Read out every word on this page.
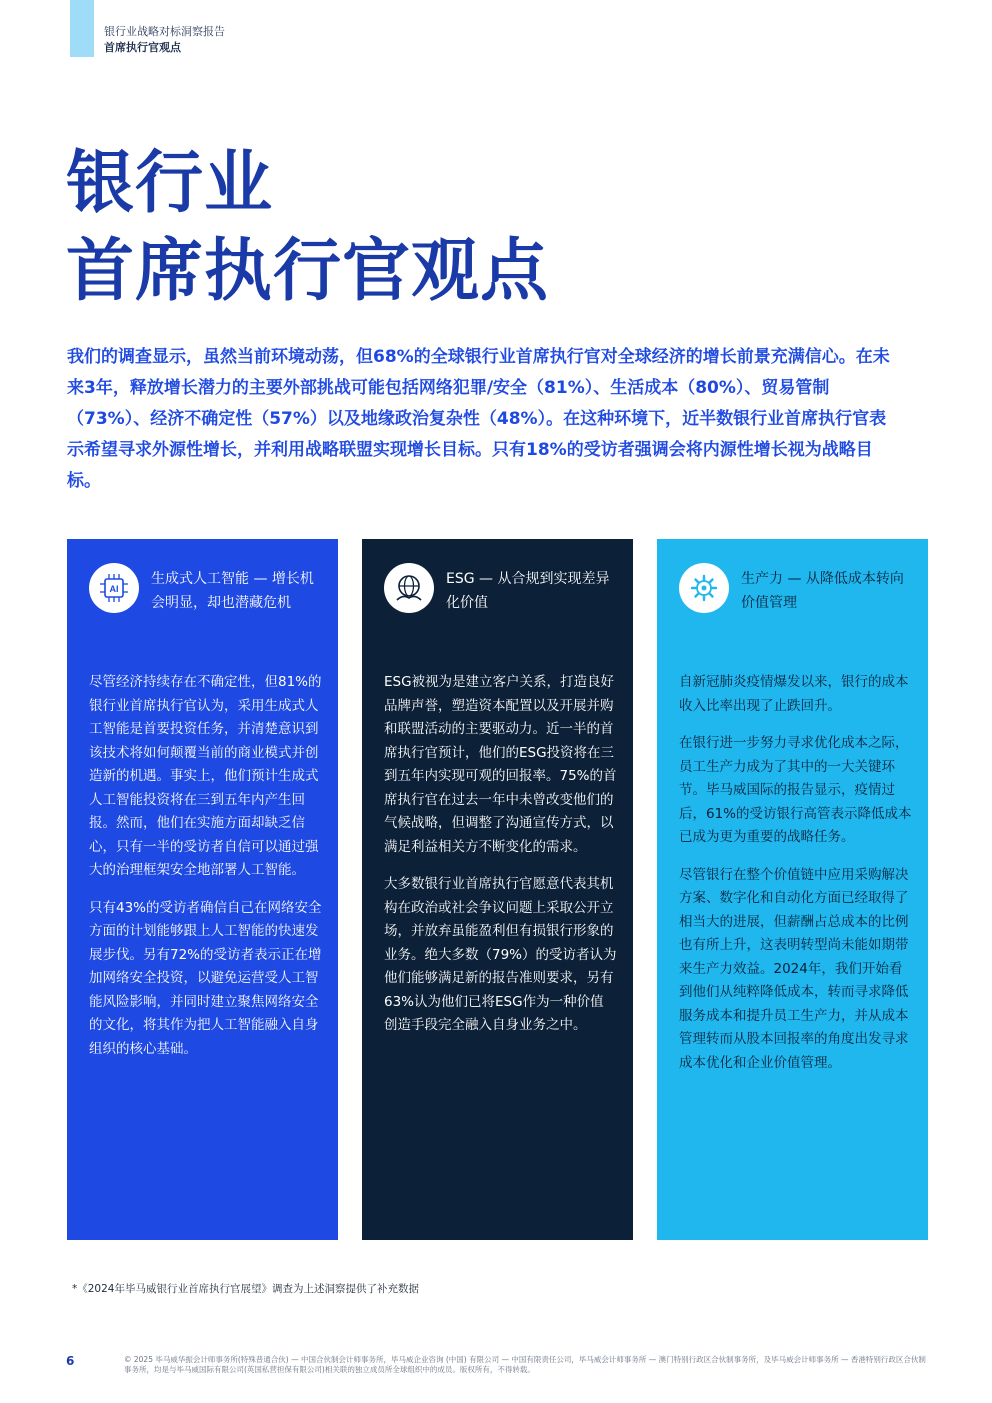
银行业战略对标洞察报告
首席执行官观点
银行业
首席执行官观点

我们的调查显示，虽然当前环境动荡，但68%的全球银行业首席执行官对全球经济的增长前景充满信心。在未来3年，释放增长潜力的主要外部挑战可能包括网络犯罪/安全（81%）、生活成本（80%）、贸易管制（73%）、经济不确定性（57%）以及地缘政治复杂性（48%）。在这种环境下，近半数银行业首席执行官表示希望寻求外源性增长，并利用战略联盟实现增长目标。只有18%的受访者强调会将内源性增长视为战略目标。

AI
生成式人工智能 — 增长机会明显，却也潜藏危机

尽管经济持续存在不确定性，但81%的银行业首席执行官认为，采用生成式人工智能是首要投资任务，并清楚意识到该技术将如何颠覆当前的商业模式并创造新的机遇。事实上，他们预计生成式人工智能投资将在三到五年内产生回报。然而，他们在实施方面却缺乏信心，只有一半的受访者自信可以通过强大的治理框架安全地部署人工智能。

只有43%的受访者确信自己在网络安全方面的计划能够跟上人工智能的快速发展步伐。另有72%的受访者表示正在增加网络安全投资，以避免运营受人工智能风险影响，并同时建立聚焦网络安全的文化，将其作为把人工智能融入自身组织的核心基础。

ESG — 从合规到实现差异化价值

ESG被视为是建立客户关系，打造良好品牌声誉，塑造资本配置以及开展并购和联盟活动的主要驱动力。近一半的首席执行官预计，他们的ESG投资将在三到五年内实现可观的回报率。75%的首席执行官在过去一年中未曾改变他们的气候战略，但调整了沟通宣传方式，以满足利益相关方不断变化的需求。

大多数银行业首席执行官愿意代表其机构在政治或社会争议问题上采取公开立场，并放弃虽能盈利但有损银行形象的业务。绝大多数（79%）的受访者认为他们能够满足新的报告准则要求，另有63%认为他们已将ESG作为一种价值创造手段完全融入自身业务之中。

生产力 — 从降低成本转向价值管理

自新冠肺炎疫情爆发以来，银行的成本收入比率出现了止跌回升。

在银行进一步努力寻求优化成本之际，员工生产力成为了其中的一大关键环节。毕马威国际的报告显示，疫情过后，61%的受访银行高管表示降低成本已成为更为重要的战略任务。

尽管银行在整个价值链中应用采购解决方案、数字化和自动化方面已经取得了相当大的进展，但薪酬占总成本的比例也有所上升，这表明转型尚未能如期带来生产力效益。2024年，我们开始看到他们从纯粹降低成本，转而寻求降低服务成本和提升员工生产力，并从成本管理转而从股本回报率的角度出发寻求成本优化和企业价值管理。

*《2024年毕马威银行业首席执行官展望》调查为上述洞察提供了补充数据
6	© 2025 毕马威华振会计师事务所(特殊普通合伙) — 中国合伙制会计师事务所，毕马威企业咨询 (中国) 有限公司 — 中国有限责任公司，毕马威会计师事务所 — 澳门特别行政区合伙制事务所，及毕马威会计师事务所 — 香港特别行政区合伙制事务所，均是与毕马威国际有限公司(英国私营担保有限公司)相关联的独立成员所全球组织中的成员。版权所有，不得转载。
